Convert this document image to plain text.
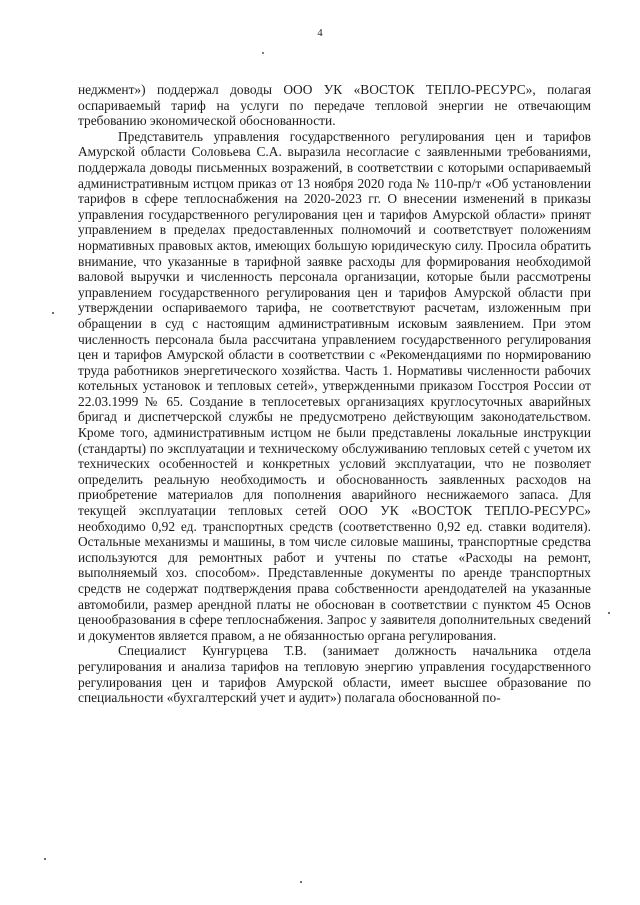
4

неджмент») поддержал доводы ООО УК «ВОСТОК ТЕПЛО-РЕСУРС», полагая оспариваемый тариф на услуги по передаче тепловой энергии не отвечающим требованию экономической обоснованности.

Представитель управления государственного регулирования цен и тарифов Амурской области Соловьева С.А. выразила несогласие с заявленными требованиями, поддержала доводы письменных возражений, в соответствии с которыми оспариваемый административным истцом приказ от 13 ноября 2020 года № 110-пр/т «Об установлении тарифов в сфере теплоснабжения на 2020-2023 гг. О внесении изменений в приказы управления государственного регулирования цен и тарифов Амурской области» принят управлением в пределах предоставленных полномочий и соответствует положениям нормативных правовых актов, имеющих большую юридическую силу. Просила обратить внимание, что указанные в тарифной заявке расходы для формирования необходимой валовой выручки и численность персонала организации, которые были рассмотрены управлением государственного регулирования цен и тарифов Амурской области при утверждении оспариваемого тарифа, не соответствуют расчетам, изложенным при обращении в суд с настоящим административным исковым заявлением. При этом численность персонала была рассчитана управлением государственного регулирования цен и тарифов Амурской области в соответствии с «Рекомендациями по нормированию труда работников энергетического хозяйства. Часть 1. Нормативы численности рабочих котельных установок и тепловых сетей», утвержденными приказом Госстроя России от 22.03.1999 № 65. Создание в теплосетевых организациях круглосуточных аварийных бригад и диспетчерской службы не предусмотрено действующим законодательством. Кроме того, административным истцом не были представлены локальные инструкции (стандарты) по эксплуатации и техническому обслуживанию тепловых сетей с учетом их технических особенностей и конкретных условий эксплуатации, что не позволяет определить реальную необходимость и обоснованность заявленных расходов на приобретение материалов для пополнения аварийного неснижаемого запаса. Для текущей эксплуатации тепловых сетей ООО УК «ВОСТОК ТЕПЛО-РЕСУРС» необходимо 0,92 ед. транспортных средств (соответственно 0,92 ед. ставки водителя). Остальные механизмы и машины, в том числе силовые машины, транспортные средства используются для ремонтных работ и учтены по статье «Расходы на ремонт, выполняемый хоз. способом». Представленные документы по аренде транспортных средств не содержат подтверждения права собственности арендодателей на указанные автомобили, размер арендной платы не обоснован в соответствии с пунктом 45 Основ ценообразования в сфере теплоснабжения. Запрос у заявителя дополнительных сведений и документов является правом, а не обязанностью органа регулирования.

Специалист Кунгурцева Т.В. (занимает должность начальника отдела регулирования и анализа тарифов на тепловую энергию управления государственного регулирования цен и тарифов Амурской области, имеет высшее образование по специальности «бухгалтерский учет и аудит») полагала обоснованной по-
